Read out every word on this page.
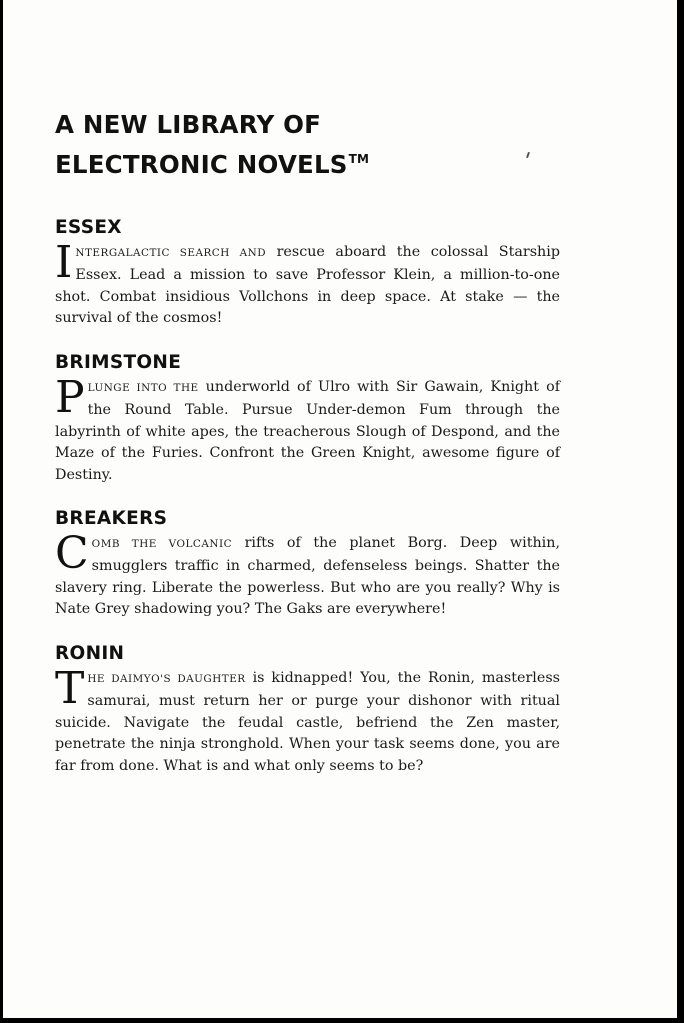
A NEW LIBRARY OF
ELECTRONIC NOVELS™
ESSEX

INTERGALACTIC SEARCH AND rescue aboard the colossal Starship Essex. Lead a mission to save Professor Klein, a million-to-one shot. Combat insidious Vollchons in deep space. At stake — the survival of the cosmos!

BRIMSTONE

PLUNGE INTO THE underworld of Ulro with Sir Gawain, Knight of the Round Table. Pursue Under-demon Fum through the labyrinth of white apes, the treacherous Slough of Despond, and the Maze of the Furies. Confront the Green Knight, awesome figure of Destiny.

BREAKERS

COMB THE VOLCANIC rifts of the planet Borg. Deep within, smugglers traffic in charmed, defenseless beings. Shatter the slavery ring. Liberate the powerless. But who are you really? Why is Nate Grey shadowing you? The Gaks are everywhere!

RONIN

THE DAIMYO'S DAUGHTER is kidnapped! You, the Ronin, masterless samurai, must return her or purge your dishonor with ritual suicide. Navigate the feudal castle, befriend the Zen master, penetrate the ninja stronghold. When your task seems done, you are far from done. What is and what only seems to be?
